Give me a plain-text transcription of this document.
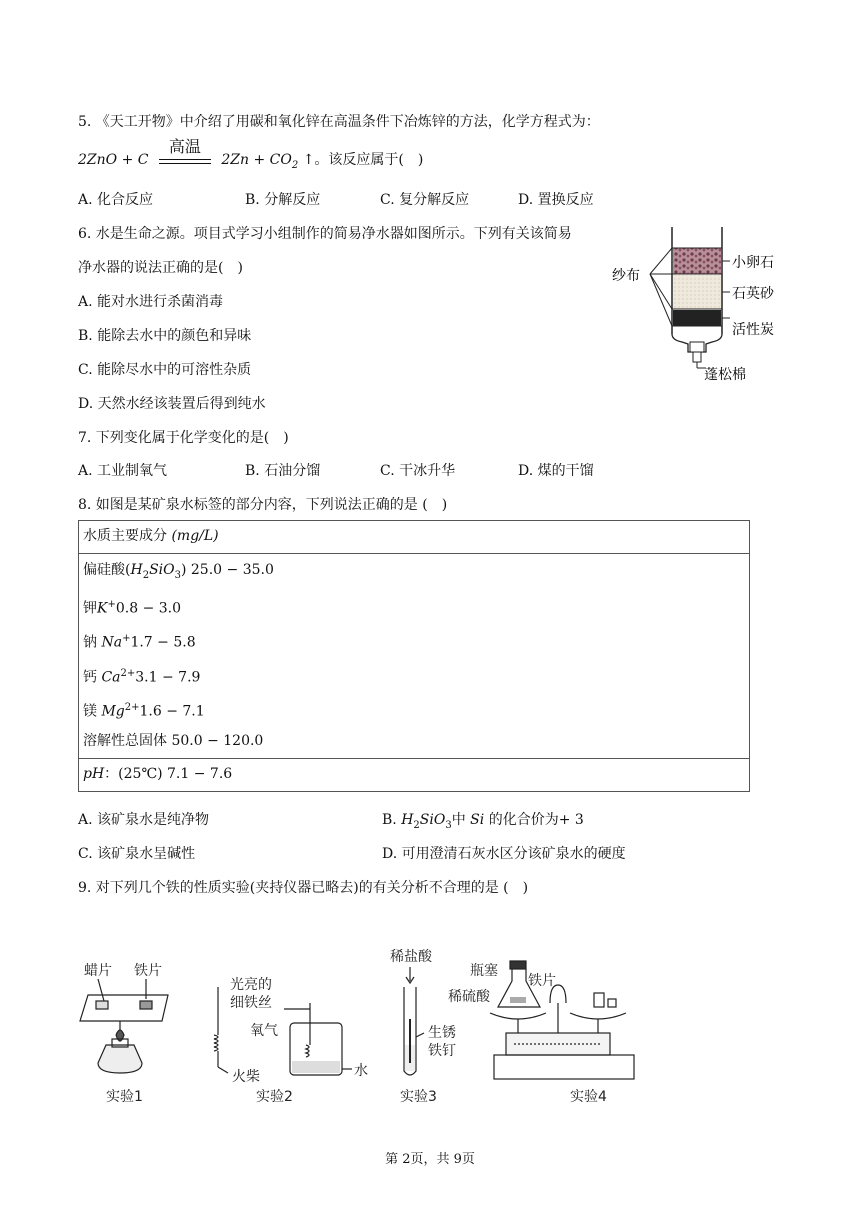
5. 《天工开物》中介绍了用碳和氧化锌在高温条件下冶炼锌的方法，化学方程式为：
2ZnO + C
高温
$2Zn + CO_2$ ↑。该反应属于(　)
A. 化合反应	B. 分解反应	C. 复分解反应	D. 置换反应
6. 水是生命之源。项目式学习小组制作的简易净水器如图所示。下列有关该简易
净水器的说法正确的是(　)
A. 能对水进行杀菌消毒
B. 能除去水中的颜色和异味
C. 能除尽水中的可溶性杂质
D. 天然水经该装置后得到纯水
纱布
小卵石
石英砂
活性炭
蓬松棉
7. 下列变化属于化学变化的是(　)
A. 工业制氧气	B. 石油分馏	C. 干冰升华	D. 煤的干馏
8. 如图是某矿泉水标签的部分内容，下列说法正确的是 (　)
水质主要成分 (mg/L)

偏硅酸$(H_2SiO_3) 25.0 - 35.0$
钾K+0.8 − 3.0
钠 Na+1.7 − 5.8
钙 $Ca^{2+}3.1 - 7.9$
镁 $Mg^{2+}1.6 - 7.1$
溶解性总固体 50.0 − 120.0

pH：(25℃) 7.1 − 7.6
A. 该矿泉水是纯净物	B. $H_2SiO_3$中 Si 的化合价为+ 3
C. 该矿泉水呈碱性	D. 可用澄清石灰水区分该矿泉水的硬度
9. 对下列几个铁的性质实验(夹持仪器已略去)的有关分析不合理的是 (　)
蜡片 铁片
实验1
光亮的
细铁丝
氧气
火柴	水
实验2
稀盐酸
生锈
铁钉
实验3
瓶塞
铁片
稀硫酸
实验4
第 2页，共 9页
